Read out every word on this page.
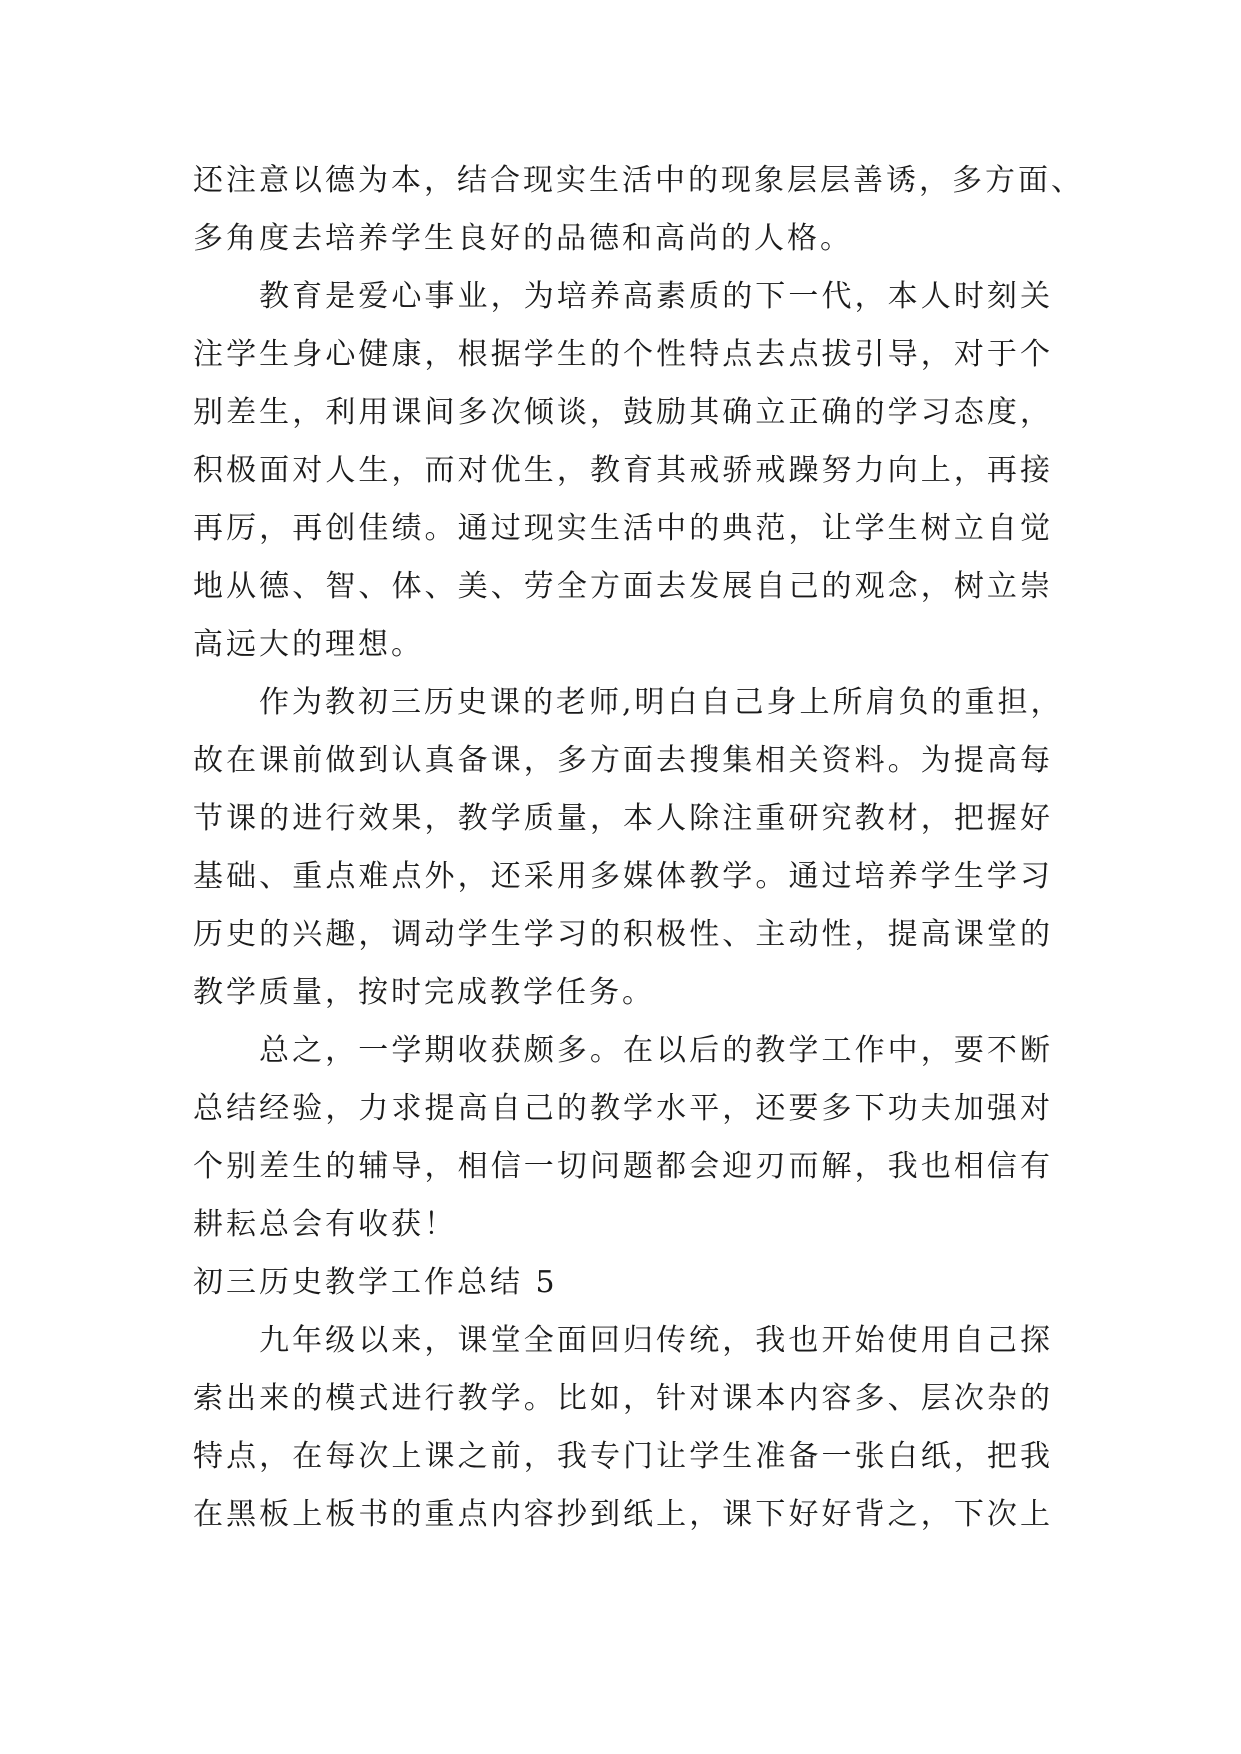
还注意以德为本，结合现实生活中的现象层层善诱，多方面、
多角度去培养学生良好的品德和高尚的人格。
教育是爱心事业，为培养高素质的下一代，本人时刻关
注学生身心健康，根据学生的个性特点去点拔引导，对于个
别差生，利用课间多次倾谈，鼓励其确立正确的学习态度，
积极面对人生，而对优生，教育其戒骄戒躁努力向上，再接
再厉，再创佳绩。通过现实生活中的典范，让学生树立自觉
地从德、智、体、美、劳全方面去发展自己的观念，树立崇
高远大的理想。
作为教初三历史课的老师,明白自己身上所肩负的重担，
故在课前做到认真备课，多方面去搜集相关资料。为提高每
节课的进行效果，教学质量，本人除注重研究教材，把握好
基础、重点难点外，还采用多媒体教学。通过培养学生学习
历史的兴趣，调动学生学习的积极性、主动性，提高课堂的
教学质量，按时完成教学任务。
总之，一学期收获颇多。在以后的教学工作中，要不断
总结经验，力求提高自己的教学水平，还要多下功夫加强对
个别差生的辅导，相信一切问题都会迎刃而解，我也相信有
耕耘总会有收获！
初三历史教学工作总结 5
九年级以来，课堂全面回归传统，我也开始使用自己探
索出来的模式进行教学。比如，针对课本内容多、层次杂的
特点，在每次上课之前，我专门让学生准备一张白纸，把我
在黑板上板书的重点内容抄到纸上，课下好好背之，下次上
